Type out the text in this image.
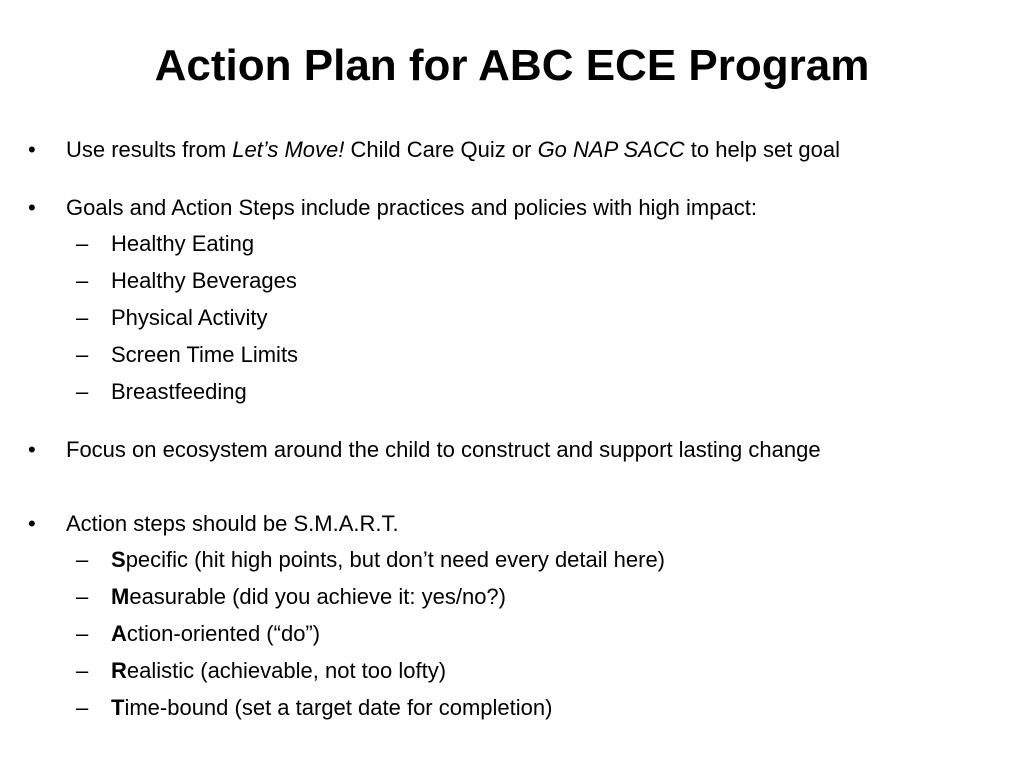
Action Plan for ABC ECE Program
•	Use results from Let’s Move! Child Care Quiz or Go NAP SACC to help set goal
•	Goals and Action Steps include practices and policies with high impact:
– Healthy Eating
– Healthy Beverages
– Physical Activity
– Screen Time Limits
– Breastfeeding
•	Focus on ecosystem around the child to construct and support lasting change
•	Action steps should be S.M.A.R.T.
– Specific (hit high points, but don’t need every detail here)
– Measurable (did you achieve it: yes/no?)
– Action-oriented (“do”)
– Realistic (achievable, not too lofty)
– Time-bound (set a target date for completion)
